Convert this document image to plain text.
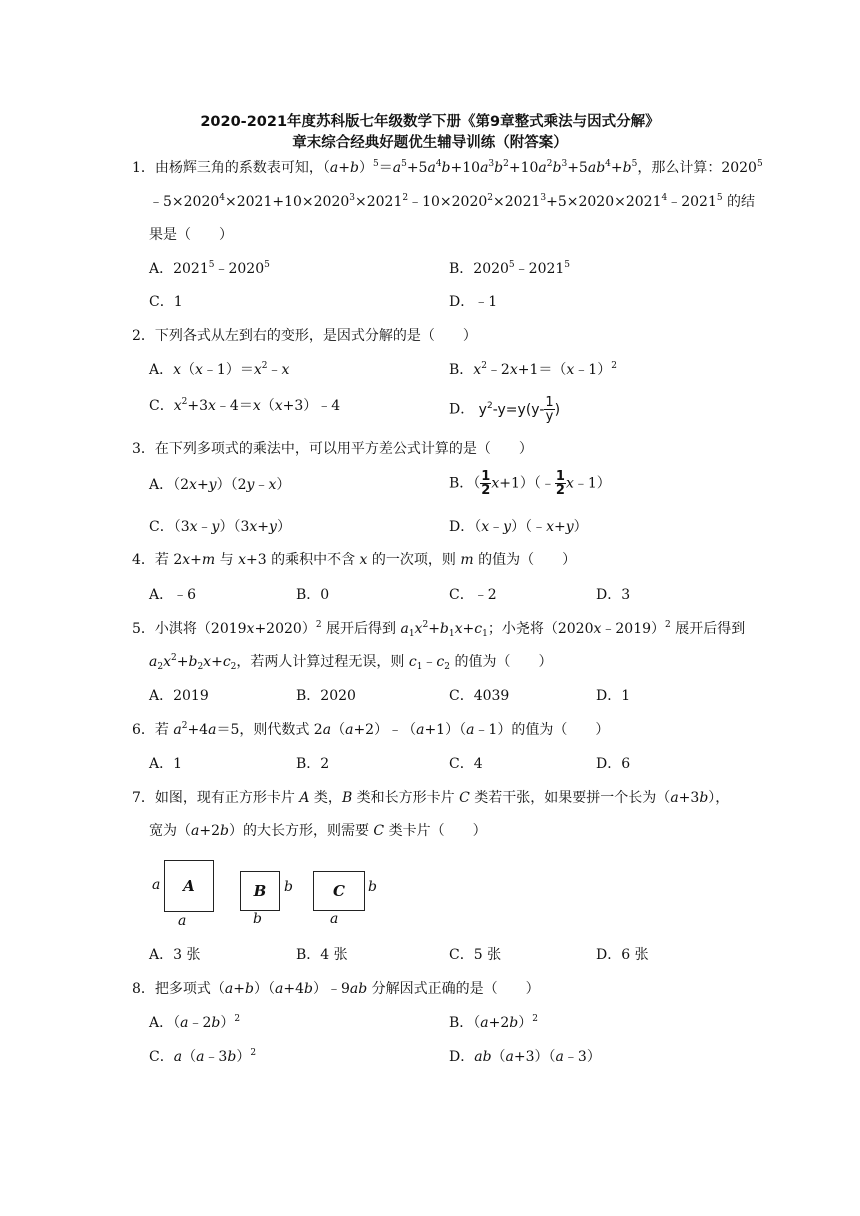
2020-2021年度苏科版七年级数学下册《第9章整式乘法与因式分解》
章末综合经典好题优生辅导训练（附答案）
1．由杨辉三角的系数表可知，$(a+b)^5=a^5+5a^4b+10a^3b^2+10a^2b^3+5ab^4+b^5$，那么计算：2020$^5$
$﹣5\times 2020^4\times 2021+10\times 2020^3\times 2021^2﹣10\times 2020^2\times 2021^3+5\times 2020\times 2021^4﹣2021^5$ 的结
果是（　　）
A．2021$^5$﹣2020$^5$	B．2020$^5$﹣2021$^5$
C．1	D．﹣1
2．下列各式从左到右的变形，是因式分解的是（　　）
A．$x(x﹣1)=x^2﹣x$	B．$x^2﹣2x+1=(x﹣1)^2$
C．$x^2+3x﹣4=x(x+3)﹣4$	D． $y^2-y=y(y- \frac{1}{y}$ )
3．在下列多项式的乘法中，可以用平方差公式计算的是（　　）
A．（2x+y）（2y﹣x）	B．（ $\frac{1}{2}$ x+1）（﹣ $\frac{1}{2}$ x﹣1）
C．（3x﹣y）（3x+y）	D．（x﹣y）（﹣x+y）
4．若 2x+m 与 x+3 的乘积中不含 x 的一次项，则 m 的值为（　　）
A．﹣6	B．0	C．﹣2	D．3
5．小淇将$(2019x+2020)^2$ 展开后得到 $a_1x^2+b_1x+c_1$；小尧将（2020x﹣2019）$^2$ 展开后得到
$a_2x^2+b_2x+c_2$，若两人计算过程无误，则 $c_1﹣c_2$ 的值为（　　）
A．2019	B．2020	C．4039	D．1
6．若 $a^2+4a=5$，则代数式 2a（a+2）﹣（a+1）（a﹣1）的值为（　　）
A．1	B．2	C．4	D．6
7．如图，现有正方形卡片 A 类，B 类和长方形卡片 C 类若干张，如果要拼一个长为（a+3b），
宽为（a+2b）的大长方形，则需要 C 类卡片（　　）
a A
a
B b
b
C b
a
A．3 张	B．4 张	C．5 张	D．6 张
8．把多项式（a+b）（a+4b）﹣9ab 分解因式正确的是（　　）
A．（a﹣2b）$^2$	B．$(a+2b)^2$
C．a（a﹣3b）$^2$	D．ab（a+3）（a﹣3）
